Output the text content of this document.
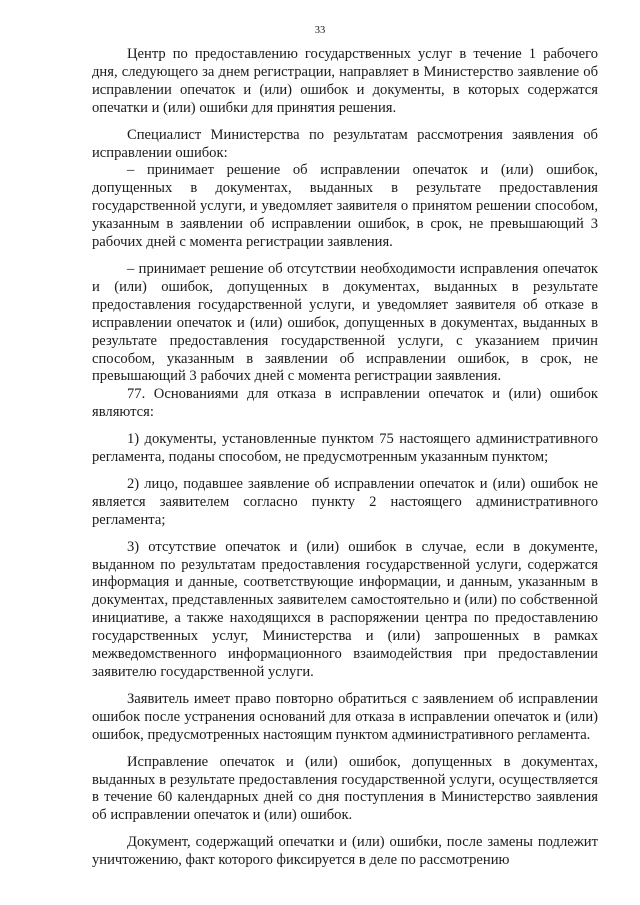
33

Центр по предоставлению государственных услуг в течение 1 рабочего дня, следующего за днем регистрации, направляет в Министерство заявление об исправлении опечаток и (или) ошибок и документы, в которых содержатся опечатки и (или) ошибки для принятия решения.

Специалист Министерства по результатам рассмотрения заявления об исправлении ошибок:

– принимает решение об исправлении опечаток и (или) ошибок, допущенных в документах, выданных в результате предоставления государственной услуги, и уведомляет заявителя о принятом решении способом, указанным в заявлении об исправлении ошибок, в срок, не превышающий 3 рабочих дней с момента регистрации заявления.

– принимает решение об отсутствии необходимости исправления опечаток и (или) ошибок, допущенных в документах, выданных в результате предоставления государственной услуги, и уведомляет заявителя об отказе в исправлении опечаток и (или) ошибок, допущенных в документах, выданных в результате предоставления государственной услуги, с указанием причин способом, указанным в заявлении об исправлении ошибок, в срок, не превышающий 3 рабочих дней с момента регистрации заявления.

77. Основаниями для отказа в исправлении опечаток и (или) ошибок являются:

1) документы, установленные пунктом 75 настоящего административного регламента, поданы способом, не предусмотренным указанным пунктом;

2) лицо, подавшее заявление об исправлении опечаток и (или) ошибок не является заявителем согласно пункту 2 настоящего административного регламента;

3) отсутствие опечаток и (или) ошибок в случае, если в документе, выданном по результатам предоставления государственной услуги, содержатся информация и данные, соответствующие информации, и данным, указанным в документах, представленных заявителем самостоятельно и (или) по собственной инициативе, а также находящихся в распоряжении центра по предоставлению государственных услуг, Министерства и (или) запрошенных в рамках межведомственного информационного взаимодействия при предоставлении заявителю государственной услуги.

Заявитель имеет право повторно обратиться с заявлением об исправлении ошибок после устранения оснований для отказа в исправлении опечаток и (или) ошибок, предусмотренных настоящим пунктом административного регламента.

Исправление опечаток и (или) ошибок, допущенных в документах, выданных в результате предоставления государственной услуги, осуществляется в течение 60 календарных дней со дня поступления в Министерство заявления об исправлении опечаток и (или) ошибок.

Документ, содержащий опечатки и (или) ошибки, после замены подлежит уничтожению, факт которого фиксируется в деле по рассмотрению
